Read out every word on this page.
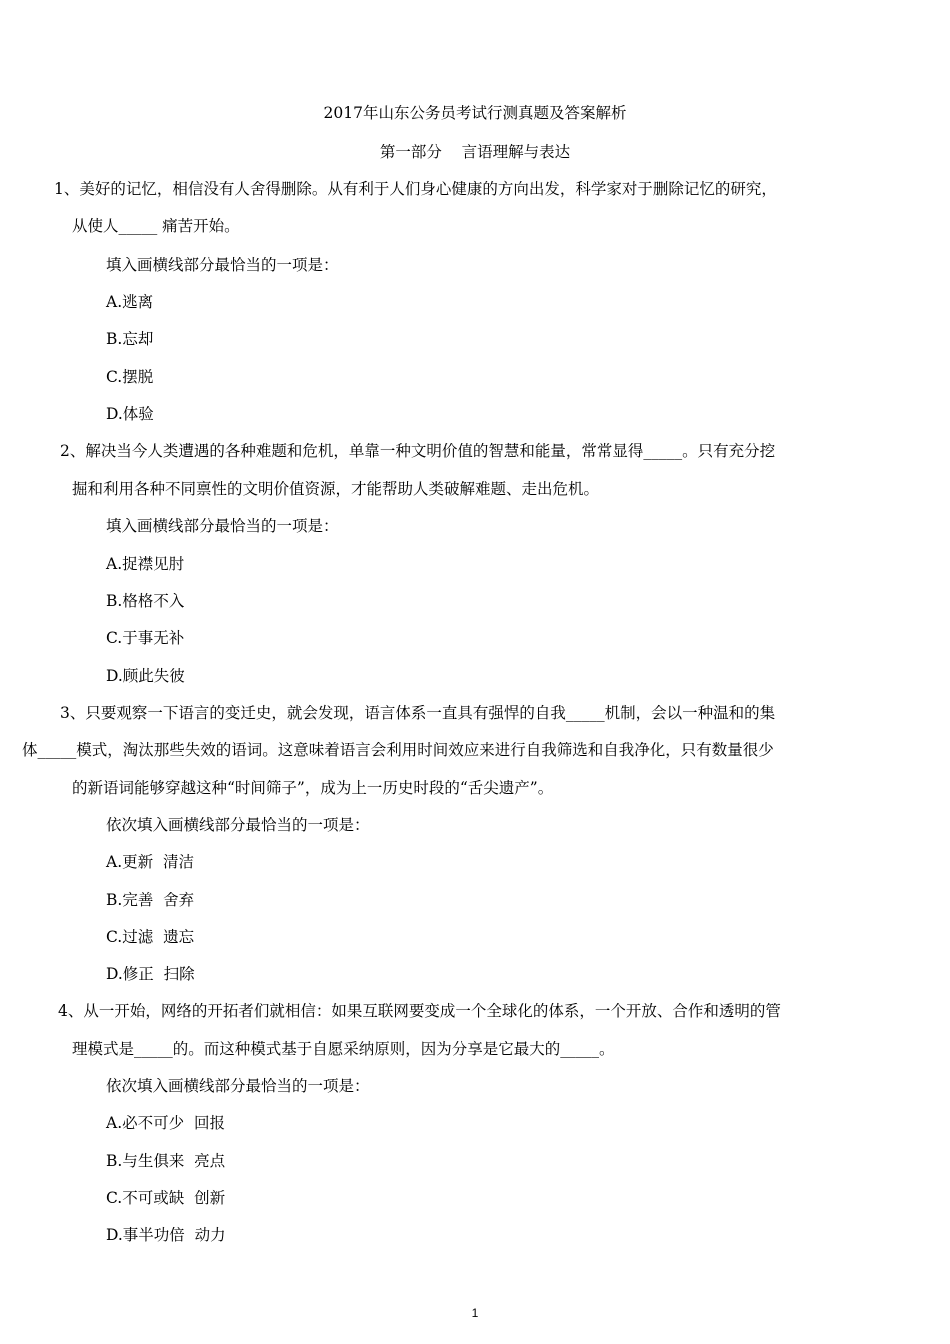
2017年山东公务员考试行测真题及答案解析
第一部分    言语理解与表达
1、美好的记忆，相信没有人舍得删除。从有利于人们身心健康的方向出发，科学家对于删除记忆的研究，
从使人_____ 痛苦开始。
填入画横线部分最恰当的一项是：
A.逃离
B.忘却
C.摆脱
D.体验
2、解决当今人类遭遇的各种难题和危机，单靠一种文明价值的智慧和能量，常常显得_____。只有充分挖
掘和利用各种不同禀性的文明价值资源，才能帮助人类破解难题、走出危机。
填入画横线部分最恰当的一项是：
A.捉襟见肘
B.格格不入
C.于事无补
D.顾此失彼
3、只要观察一下语言的变迁史，就会发现，语言体系一直具有强悍的自我_____机制，会以一种温和的集
体_____模式，淘汰那些失效的语词。这意味着语言会利用时间效应来进行自我筛选和自我净化，只有数量很少
的新语词能够穿越这种“时间筛子”，成为上一历史时段的“舌尖遗产”。
依次填入画横线部分最恰当的一项是：
A.更新  清洁
B.完善  舍弃
C.过滤  遗忘
D.修正  扫除
4、从一开始，网络的开拓者们就相信：如果互联网要变成一个全球化的体系，一个开放、合作和透明的管
理模式是_____的。而这种模式基于自愿采纳原则，因为分享是它最大的_____。
依次填入画横线部分最恰当的一项是：
A.必不可少  回报
B.与生俱来  亮点
C.不可或缺  创新
D.事半功倍  动力
1
